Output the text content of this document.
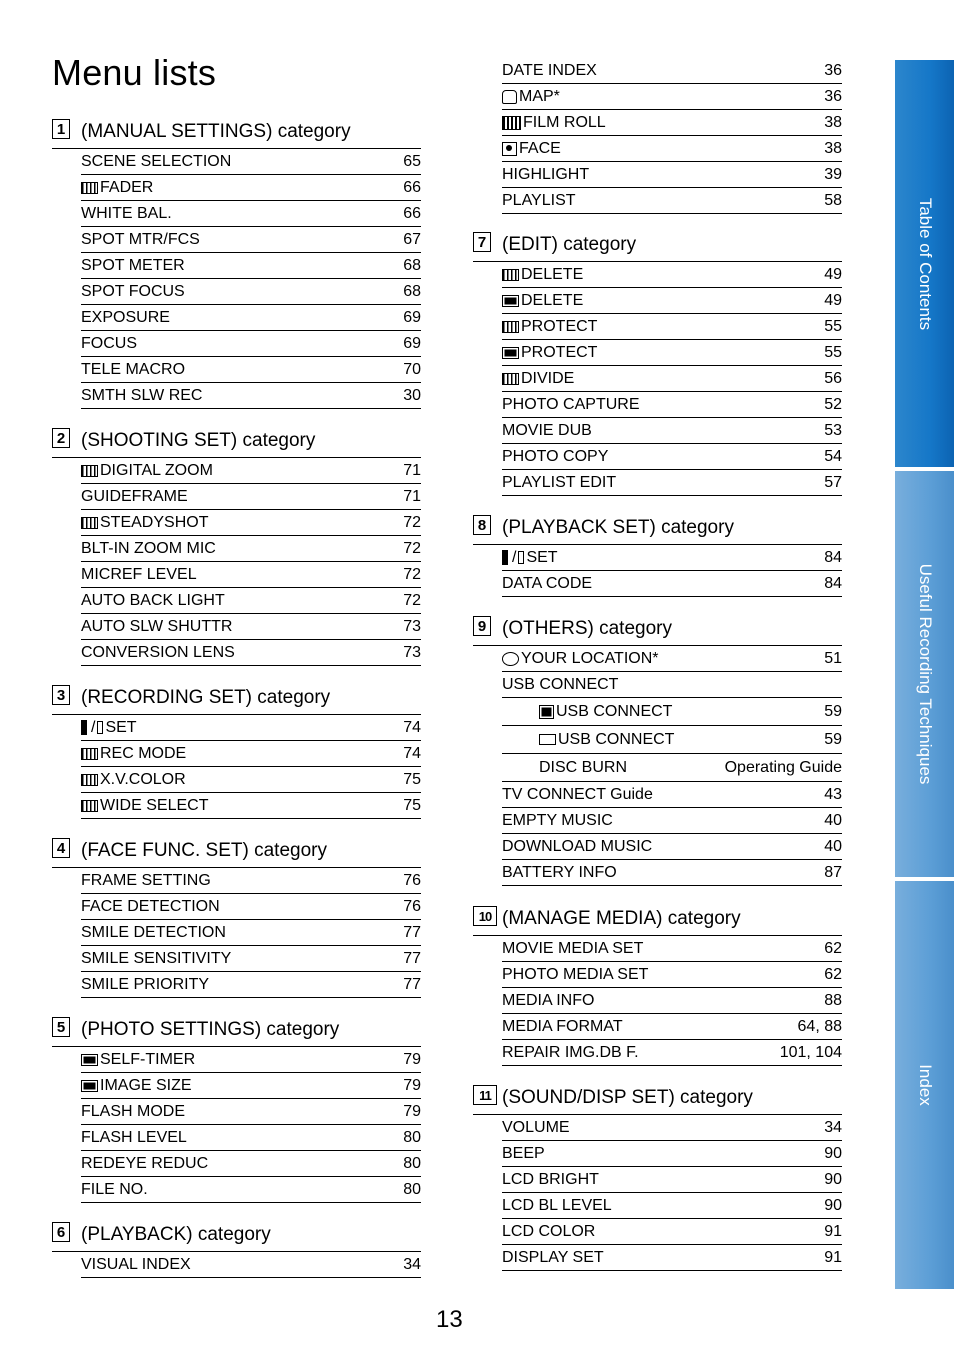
Menu lists
1 (MANUAL SETTINGS) category
SCENE SELECTION	65
FADER	66
WHITE BAL.	66
SPOT MTR/FCS	67
SPOT METER	68
SPOT FOCUS	68
EXPOSURE	69
FOCUS	69
TELE MACRO	70
SMTH SLW REC	30
2 (SHOOTING SET) category
DIGITAL ZOOM	71
GUIDEFRAME	71
STEADYSHOT	72
BLT-IN ZOOM MIC	72
MICREF LEVEL	72
AUTO BACK LIGHT	72
AUTO SLW SHUTTR	73
CONVERSION LENS	73
3 (RECORDING SET) category
/ SET	74
REC MODE	74
X.V.COLOR	75
WIDE SELECT	75
4 (FACE FUNC. SET) category
FRAME SETTING	76
FACE DETECTION	76
SMILE DETECTION	77
SMILE SENSITIVITY	77
SMILE PRIORITY	77
5 (PHOTO SETTINGS) category
SELF-TIMER	79
IMAGE SIZE	79
FLASH MODE	79
FLASH LEVEL	80
REDEYE REDUC	80
FILE NO.	80
6 (PLAYBACK) category
VISUAL INDEX	34
DATE INDEX	36
MAP*	36
FILM ROLL	38
FACE	38
HIGHLIGHT	39
PLAYLIST	58
7 (EDIT) category
DELETE	49
DELETE	49
PROTECT	55
PROTECT	55
DIVIDE	56
PHOTO CAPTURE	52
MOVIE DUB	53
PHOTO COPY	54
PLAYLIST EDIT	57
8 (PLAYBACK SET) category
/ SET	84
DATA CODE	84
9 (OTHERS) category
YOUR LOCATION*	51
USB CONNECT
USB CONNECT	59
USB CONNECT	59
DISC BURN	Operating Guide
TV CONNECT Guide	43
EMPTY MUSIC	40
DOWNLOAD MUSIC	40
BATTERY INFO	87
10 (MANAGE MEDIA) category
MOVIE MEDIA SET	62
PHOTO MEDIA SET	62
MEDIA INFO	88
MEDIA FORMAT	64, 88
REPAIR IMG.DB F.	101, 104
11 (SOUND/DISP SET) category
VOLUME	34
BEEP	90
LCD BRIGHT	90
LCD BL LEVEL	90
LCD COLOR	91
DISPLAY SET	91
Table of Contents
Useful Recording Techniques
Index
13
